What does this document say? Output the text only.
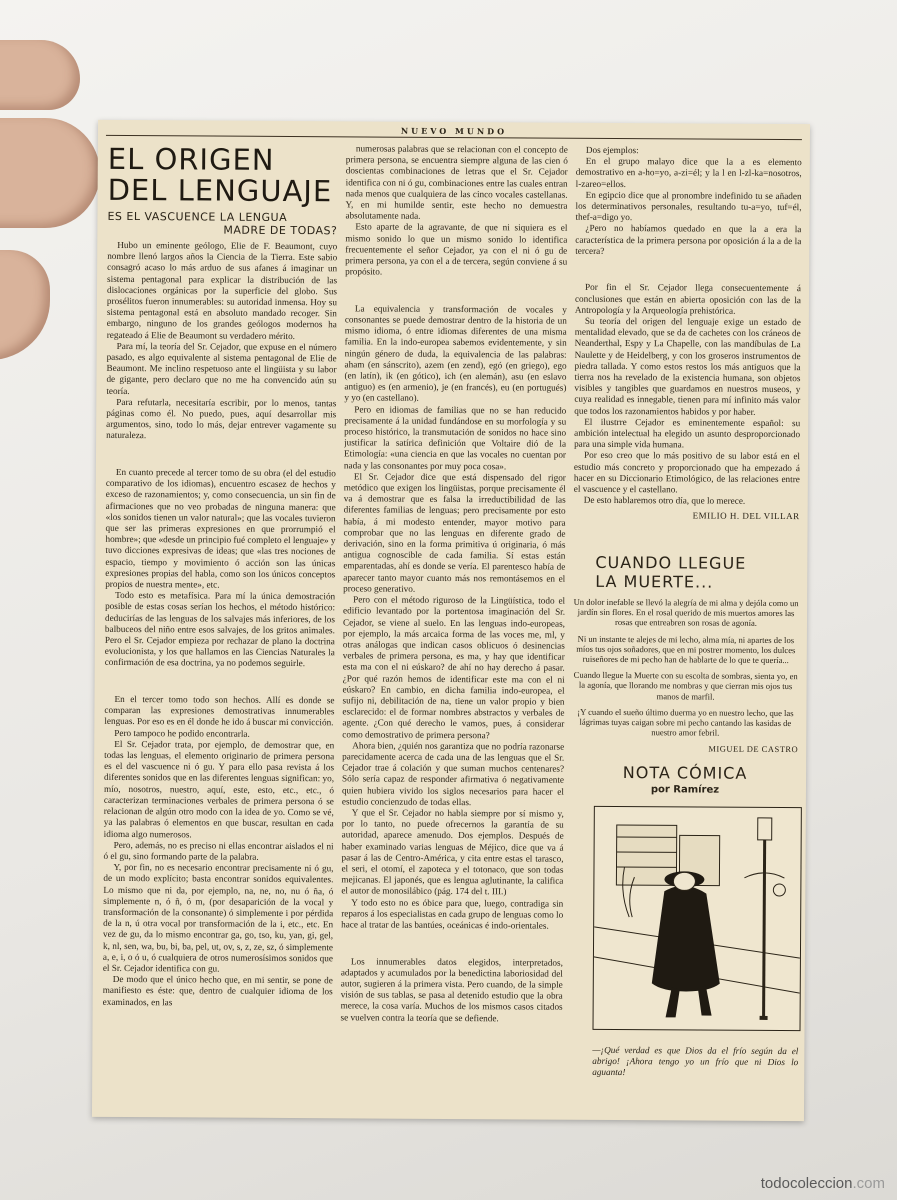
NUEVO MUNDO
EL ORIGEN
DEL LENGUAJE
ES EL VASCUENCE LA LENGUA
MADRE DE TODAS?

Hubo un eminente geólogo, Elie de F. Beaumont, cuyo nombre llenó largos años la Ciencia de la Tierra. Este sabio consagró acaso lo más arduo de sus afanes á imaginar un sistema pentagonal para explicar la distribución de las dislocaciones orgánicas por la superficie del globo. Sus prosélitos fueron innumerables: su autoridad inmensa. Hoy su sistema pentagonal está en absoluto mandado recoger. Sin embargo, ninguno de los grandes geólogos modernos ha regateado á Elie de Beaumont su verdadero mérito.

Para mí, la teoría del Sr. Cejador, que expuse en el número pasado, es algo equivalente al sistema pentagonal de Elie de Beaumont. Me inclino respetuoso ante el lingüista y su labor de gigante, pero declaro que no me ha convencido aún su teoría.

Para refutarla, necesitaría escribir, por lo menos, tantas páginas como él. No puedo, pues, aquí desarrollar mis argumentos, sino, todo lo más, dejar entrever vagamente su naturaleza.

En cuanto precede al tercer tomo de su obra (el del estudio comparativo de los idiomas), encuentro escasez de hechos y exceso de razonamientos; y, como consecuencia, un sin fin de afirmaciones que no veo probadas de ninguna manera: que «los sonidos tienen un valor natural»; que las vocales tuvieron que ser las primeras expresiones en que prorrumpió el hombre»; que «desde un principio fué completo el lenguaje» y tuvo dicciones expresivas de ideas; que «las tres nociones de espacio, tiempo y movimiento ó acción son las únicas expresiones propias del habla, como son los únicos conceptos propios de nuestra mente», etc.

Todo esto es metafísica. Para mí la única demostración posible de estas cosas serían los hechos, el método histórico: deducirías de las lenguas de los salvajes más inferiores, de los balbuceos del niño entre esos salvajes, de los gritos animales. Pero el Sr. Cejador empieza por rechazar de plano la doctrina evolucionista, y los que hallamos en las Ciencias Naturales la confirmación de esa doctrina, ya no podemos seguirle.

En el tercer tomo todo son hechos. Allí es donde se comparan las expresiones demostrativas innumerables lenguas. Por eso es en él donde he ido á buscar mi convicción.

Pero tampoco he podido encontrarla.

El Sr. Cejador trata, por ejemplo, de demostrar que, en todas las lenguas, el elemento originario de primera persona es el del vascuence ni ó gu. Y para ello pasa revista á los diferentes sonidos que en las diferentes lenguas significan: yo, mío, nosotros, nuestro, aquí, este, esto, etc., etc., ó caracterizan terminaciones verbales de primera persona ó se relacionan de algún otro modo con la idea de yo. Como se vé, ya las palabras ó elementos en que buscar, resultan en cada idioma algo numerosos.

Pero, además, no es preciso ni ellas encontrar aislados el ni ó el gu, sino formando parte de la palabra.

Y, por fin, no es necesario encontrar precisamente ni ó gu, de un modo explícito; basta encontrar sonidos equivalentes. Lo mismo que ni da, por ejemplo, na, ne, no, nu ó ña, ó simplemente n, ó ñ, ó m, (por desaparición de la vocal y transformación de la consonante) ó simplemente i por pérdida de la n, ú otra vocal por transformación de la i, etc., etc. En vez de gu, da lo mismo encontrar ga, go, tso, ku, yan, gi, gel, k, nl, sen, wa, bu, bi, ba, pel, ut, ov, s, z, ze, sz, ó simplemente a, e, i, o ó u, ó cualquiera de otros numerosísimos sonidos que el Sr. Cejador identifica con gu.

De modo que el único hecho que, en mi sentir, se pone de manifiesto es éste: que, dentro de cualquier idioma de los examinados, en las

numerosas palabras que se relacionan con el concepto de primera persona, se encuentra siempre alguna de las cien ó doscientas combinaciones de letras que el Sr. Cejador identifica con ni ó gu, combinaciones entre las cuales entran nada menos que cualquiera de las cinco vocales castellanas. Y, en mi humilde sentir, este hecho no demuestra absolutamente nada.

Esto aparte de la agravante, de que ni siquiera es el mismo sonido lo que un mismo sonido lo identifica frecuentemente el señor Cejador, ya con el ni ó gu de primera persona, ya con el a de tercera, según conviene á su propósito.

La equivalencia y transformación de vocales y consonantes se puede demostrar dentro de la historia de un mismo idioma, ó entre idiomas diferentes de una misma familia. En la indo-europea sabemos evidentemente, y sin ningún género de duda, la equivalencia de las palabras: aham (en sánscrito), azem (en zend), egó (en griego), ego (en latín), ik (en gótico), ich (en alemán), asu (en eslavo antiguo) es (en armenio), je (en francés), eu (en portugués) y yo (en castellano).

Pero en idiomas de familias que no se han reducido precisamente á la unidad fundándose en su morfología y su proceso histórico, la transmutación de sonidos no hace sino justificar la satírica definición que Voltaire dió de la Etimología: «una ciencia en que las vocales no cuentan por nada y las consonantes por muy poca cosa».

El Sr. Cejador dice que está dispensado del rigor metódico que exigen los lingüistas, porque precisamente él va á demostrar que es falsa la irreductibilidad de las diferentes familias de lenguas; pero precisamente por esto había, á mi modesto entender, mayor motivo para comprobar que no las lenguas en diferente grado de derivación, sino en la forma primitiva ú originaria, ó más antigua cognoscible de cada familia. Sí estas están emparentadas, ahí es donde se vería. El parentesco había de aparecer tanto mayor cuanto más nos remontásemos en el proceso generativo.

Pero con el método riguroso de la Lingüística, todo el edificio levantado por la portentosa imaginación del Sr. Cejador, se viene al suelo. En las lenguas indo-europeas, por ejemplo, la más arcaica forma de las voces me, ml, y otras análogas que indican casos oblicuos ó desinencias verbales de primera persona, es ma, y hay que identificar esta ma con el ni eúskaro? de ahí no hay derecho á pasar. ¿Por qué razón hemos de identificar este ma con el ni eúskaro? En cambio, en dicha familia indo-europea, el sufijo ni, debilitación de na, tiene un valor propio y bien esclarecido: el de formar nombres abstractos y verbales de agente. ¿Con qué derecho le vamos, pues, á considerar como demostrativo de primera persona?

Ahora bien, ¿quién nos garantiza que no podría razonarse parecidamente acerca de cada una de las lenguas que el Sr. Cejador trae á colación y que suman muchos centenares? Sólo sería capaz de responder afirmativa ó negativamente quien hubiera vivido los siglos necesarios para hacer el estudio concienzudo de todas ellas.

Y que el Sr. Cejador no habla siempre por sí mismo y, por lo tanto, no puede ofrecernos la garantía de su autoridad, aparece amenudo. Dos ejemplos. Después de haber examinado varias lenguas de Méjico, dice que va á pasar á las de Centro-América, y cita entre estas el tarasco, el seri, el otomí, el zapoteca y el totonaco, que son todas mejicanas. El japonés, que es lengua aglutinante, la califica el autor de monosilábico (pág. 174 del t. III.)

Y todo esto no es óbice para que, luego, contradiga sin reparos á los especialistas en cada grupo de lenguas como lo hace al tratar de las bantúes, oceánicas é indo-orientales.

Los innumerables datos elegidos, interpretados, adaptados y acumulados por la benedictina laboriosidad del autor, sugieren á la primera vista. Pero cuando, de la simple visión de sus tablas, se pasa al detenido estudio que la obra merece, la cosa varía. Muchos de los mismos casos citados se vuelven contra la teoría que se defiende.

Dos ejemplos:

En el grupo malayo dice que la a es elemento demostrativo en a-ho=yo, a-zi=él; y la l en l-zl-ka=nosotros, l-zareo=ellos.

En egipcio dice que al pronombre indefinido tu se añaden los determinativos personales, resultando tu-a=yo, tuf=él, thef-a=digo yo.

¿Pero no habíamos quedado en que la a era la característica de la primera persona por oposición á la a de la tercera?

Por fin el Sr. Cejador llega consecuentemente á conclusiones que están en abierta oposición con las de la Antropología y la Arqueología prehistórica.

Su teoría del origen del lenguaje exige un estado de mentalidad elevado, que se da de cachetes con los cráneos de Neanderthal, Espy y La Chapelle, con las mandíbulas de La Naulette y de Heidelberg, y con los groseros instrumentos de piedra tallada. Y como estos restos los más antiguos que la tierra nos ha revelado de la existencia humana, son objetos visibles y tangibles que guardamos en nuestros museos, y cuya realidad es innegable, tienen para mí infinito más valor que todos los razonamientos habidos y por haber.

El ilustrre Cejador es eminentemente español: su ambición intelectual ha elegido un asunto desproporcionado para una simple vida humana.

Por eso creo que lo más positivo de su labor está en el estudio más concreto y proporcionado que ha empezado á hacer en su Diccionario Etimológico, de las relaciones entre el vascuence y el castellano.

De esto hablaremos otro día, que lo merece.

EMILIO H. DEL VILLAR
CUANDO LLEGUE
LA MUERTE...

Un dolor inefable se llevó la alegría de mi alma y dejóla como un jardín sin flores. En el rosal querido de mis muertos amores las rosas que entreabren son rosas de agonía.

Ni un instante te alejes de mi lecho, alma mía, ni apartes de los míos tus ojos soñadores, que en mi postrer momento, los dulces ruiseñores de mi pecho han de hablarte de lo que te quería...

Cuando llegue la Muerte con su escolta de sombras, sienta yo, en la agonía, que llorando me nombras y que cierran mis ojos tus manos de marfil.

¡Y cuando el sueño último duerma yo en nuestro lecho, que las lágrimas tuyas caigan sobre mi pecho cantando las kasidas de nuestro amor febril.

MIGUEL DE CASTRO
NOTA CÓMICA
por Ramírez
—¡Qué verdad es que Dios da el frío según da el abrigo! ¡Ahora tengo yo un frío que ni Dios lo aguanta!
todocoleccion.com
